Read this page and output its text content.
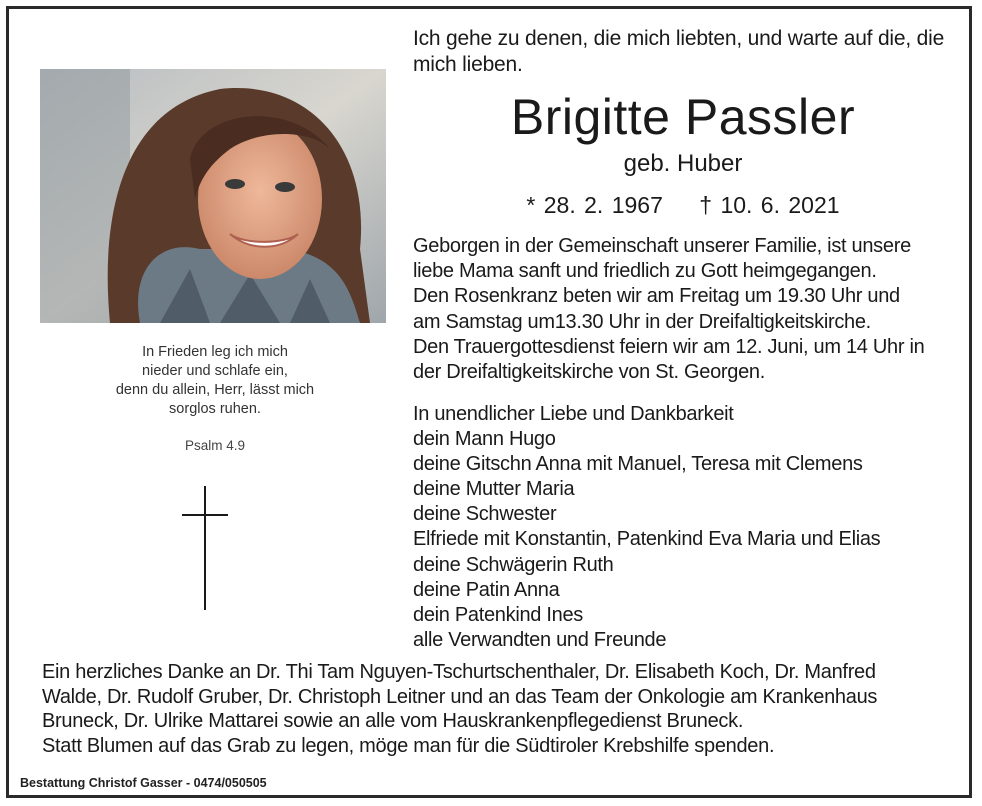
In Frieden leg ich mich
nieder und schlafe ein,
denn du allein, Herr, lässt mich
sorglos ruhen.
Psalm 4.9
Ich gehe zu denen, die mich liebten, und warte auf die, die
mich lieben.
Brigitte Passler
geb. Huber
* 28. 2. 1967 † 10. 6. 2021
Geborgen in der Gemeinschaft unserer Familie, ist unsere
liebe Mama sanft und friedlich zu Gott heimgegangen.
Den Rosenkranz beten wir am Freitag um 19.30 Uhr und
am Samstag um13.30 Uhr in der Dreifaltigkeitskirche.
Den Trauergottesdienst feiern wir am 12. Juni, um 14 Uhr in
der Dreifaltigkeitskirche von St. Georgen.
In unendlicher Liebe und Dankbarkeit
dein Mann Hugo
deine Gitschn Anna mit Manuel, Teresa mit Clemens
deine Mutter Maria
deine Schwester
Elfriede mit Konstantin, Patenkind Eva Maria und Elias
deine Schwägerin Ruth
deine Patin Anna
dein Patenkind Ines
alle Verwandten und Freunde
Ein herzliches Danke an Dr. Thi Tam Nguyen-Tschurtschenthaler, Dr. Elisabeth Koch, Dr. Manfred
Walde, Dr. Rudolf Gruber, Dr. Christoph Leitner und an das Team der Onkologie am Krankenhaus
Bruneck, Dr. Ulrike Mattarei sowie an alle vom Hauskrankenpflegedienst Bruneck.
Statt Blumen auf das Grab zu legen, möge man für die Südtiroler Krebshilfe spenden.
Bestattung Christof Gasser - 0474/050505
